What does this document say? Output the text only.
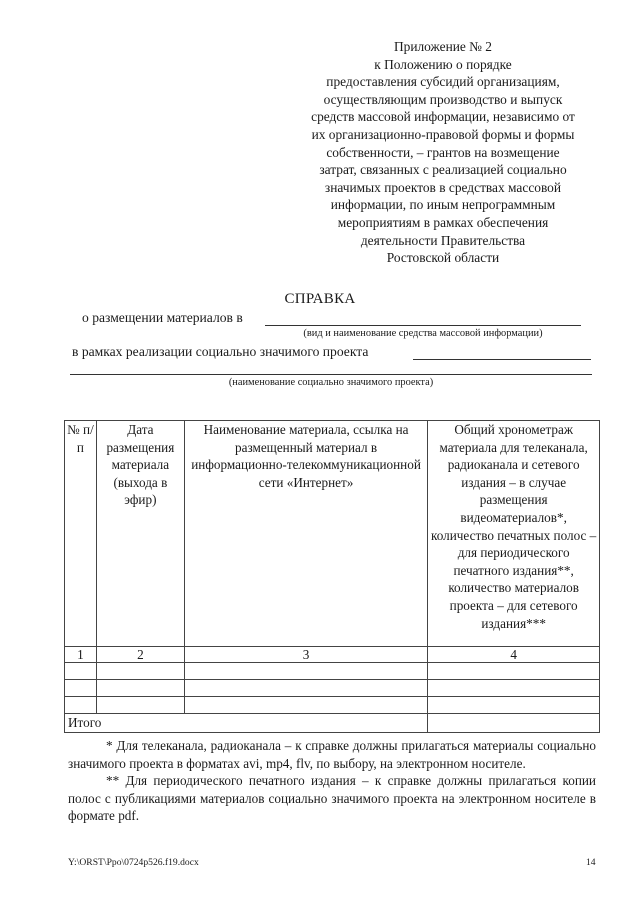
Приложение № 2
к Положению о порядке
предоставления субсидий организациям,
осуществляющим производство и выпуск
средств массовой информации, независимо от
их организационно-правовой формы и формы
собственности, – грантов на возмещение
затрат, связанных с реализацией социально
значимых проектов в средствах массовой
информации, по иным непрограммным
мероприятиям в рамках обеспечения
деятельности Правительства
Ростовской области
СПРАВКА
о размещении материалов в
(вид и наименование средства массовой информации)
в рамках реализации социально значимого проекта
(наименование социально значимого проекта)
№ п/п	Дата размещения материала (выхода в эфир)	Наименование материала, ссылка на размещенный материал в информационно-телекоммуникационной сети «Интернет»	Общий хронометраж материала для телеканала, радиоканала и сетевого издания – в случае размещения видеоматериалов*, количество печатных полос – для периодического печатного издания**, количество материалов проекта – для сетевого издания***
1	2	3	4

Итого			

* Для телеканала, радиоканала – к справке должны прилагаться материалы социально значимого проекта в форматах avi, mp4, flv, по выбору, на электронном носителе.

** Для периодического печатного издания – к справке должны прилагаться копии полос с публикациями материалов социально значимого проекта на электронном носителе в формате pdf.

Y:\ORST\Ppo\0724p526.f19.docx	14
